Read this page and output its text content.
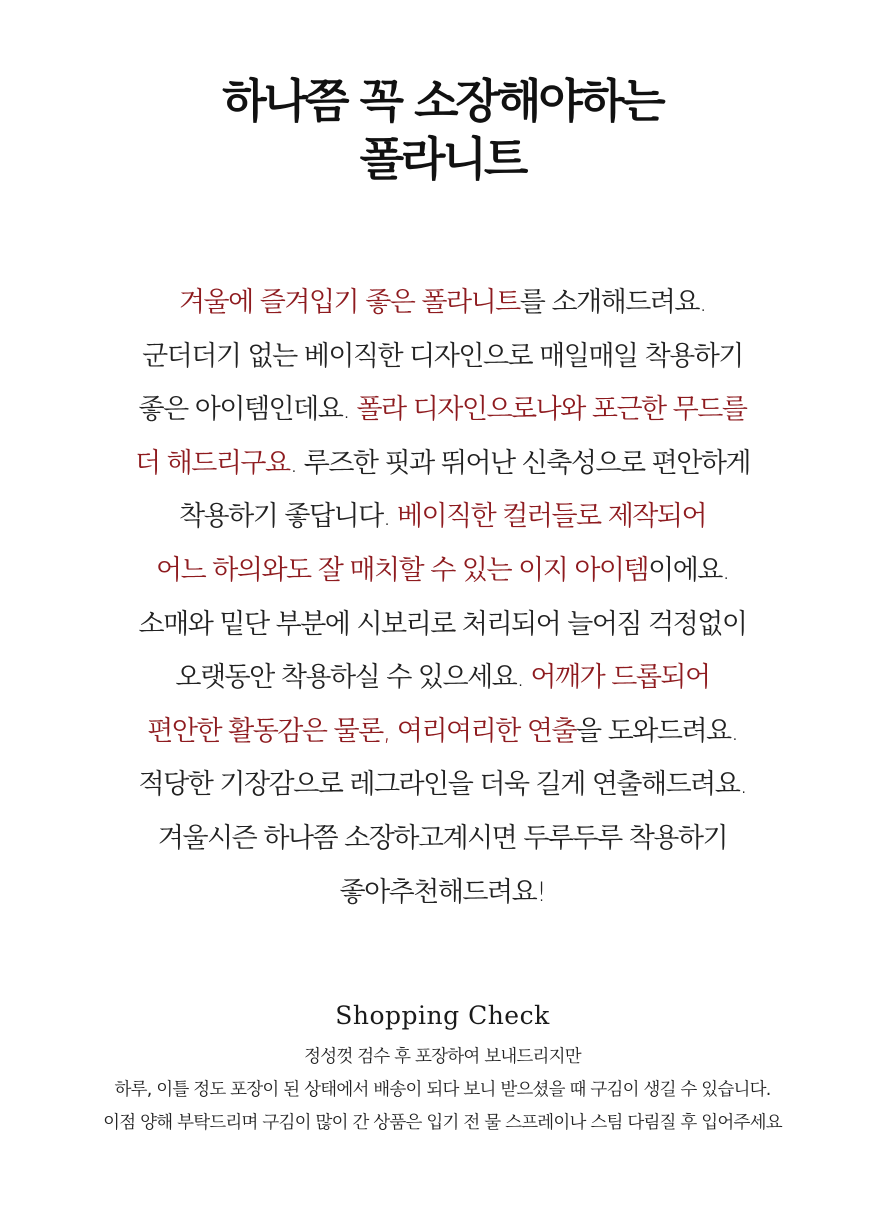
하나쯤 꼭 소장해야하는
폴라니트
겨울에 즐겨입기 좋은 폴라니트를 소개해드려요.
군더더기 없는 베이직한 디자인으로 매일매일 착용하기
좋은 아이템인데요. 폴라 디자인으로나와 포근한 무드를
더 해드리구요. 루즈한 핏과 뛰어난 신축성으로 편안하게
착용하기 좋답니다. 베이직한 컬러들로 제작되어
어느 하의와도 잘 매치할 수 있는 이지 아이템이에요.
소매와 밑단 부분에 시보리로 처리되어 늘어짐 걱정없이
오랫동안 착용하실 수 있으세요. 어깨가 드롭되어
편안한 활동감은 물론, 여리여리한 연출을 도와드려요.
적당한 기장감으로 레그라인을 더욱 길게 연출해드려요.
겨울시즌 하나쯤 소장하고계시면 두루두루 착용하기
좋아추천해드려요!
Shopping Check
정성껏 검수 후 포장하여 보내드리지만
하루, 이틀 정도 포장이 된 상태에서 배송이 되다 보니 받으셨을 때 구김이 생길 수 있습니다.
이점 양해 부탁드리며 구김이 많이 간 상품은 입기 전 물 스프레이나 스팀 다림질 후 입어주세요
